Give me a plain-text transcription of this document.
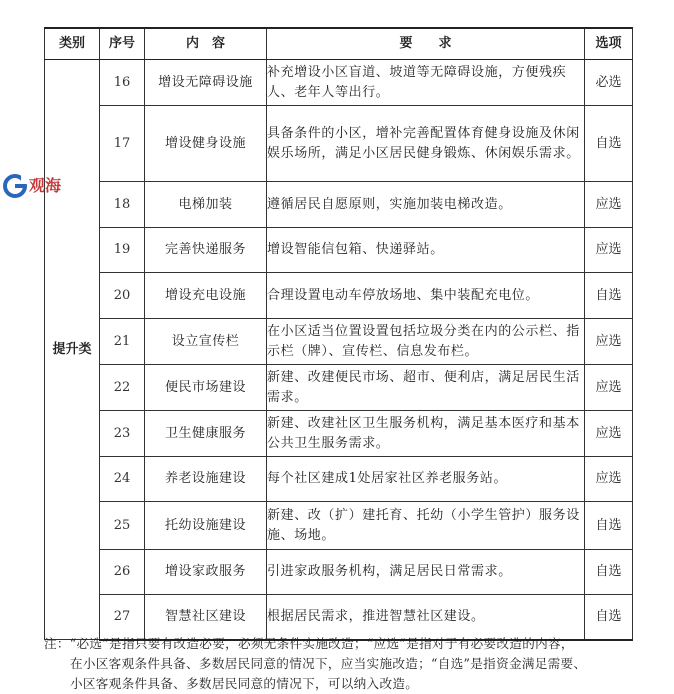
观海
类别	序号	内　容	要　　求	选项
提升类	16	增设无障碍设施	补充增设小区盲道、坡道等无障碍设施，方便残疾人、老年人等出行。	必选
	17	增设健身设施	具备条件的小区，增补完善配置体育健身设施及休闲娱乐场所，满足小区居民健身锻炼、休闲娱乐需求。	自选
	18	电梯加装	遵循居民自愿原则，实施加装电梯改造。	应选
	19	完善快递服务	增设智能信包箱、快递驿站。	应选
	20	增设充电设施	合理设置电动车停放场地、集中装配充电位。	自选
	21	设立宣传栏	在小区适当位置设置包括垃圾分类在内的公示栏、指示栏（牌）、宣传栏、信息发布栏。	应选
	22	便民市场建设	新建、改建便民市场、超市、便利店，满足居民生活需求。	应选
	23	卫生健康服务	新建、改建社区卫生服务机构，满足基本医疗和基本公共卫生服务需求。	应选
	24	养老设施建设	每个社区建成1处居家社区养老服务站。	应选
	25	托幼设施建设	新建、改（扩）建托育、托幼（小学生管护）服务设施、场地。	自选
	26	增设家政服务	引进家政服务机构，满足居民日常需求。	自选
	27	智慧社区建设	根据居民需求，推进智慧社区建设。	自选
注：“必选”是指只要有改造必要，必须无条件实施改造；“应选”是指对于有必要改造的内容，
在小区客观条件具备、多数居民同意的情况下，应当实施改造；“自选”是指资金满足需要、
小区客观条件具备、多数居民同意的情况下，可以纳入改造。
